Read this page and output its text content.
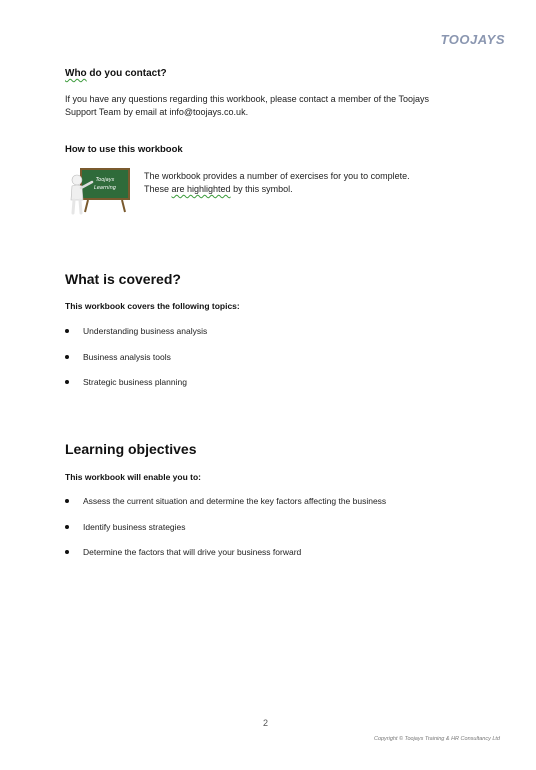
TOOJAYS
Who do you contact?
If you have any questions regarding this workbook, please contact a member of the Toojays
Support Team by email at info@toojays.co.uk.
How to use this workbook
Toojays
Learning
The workbook provides a number of exercises for you to complete.
These are highlighted by this symbol.
What is covered?
This workbook covers the following topics:
Understanding business analysis
Business analysis tools
Strategic business planning
Learning objectives
This workbook will enable you to:
Assess the current situation and determine the key factors affecting the business
Identify business strategies
Determine the factors that will drive your business forward
2
Copyright © Toojays Training & HR Consultancy Ltd
